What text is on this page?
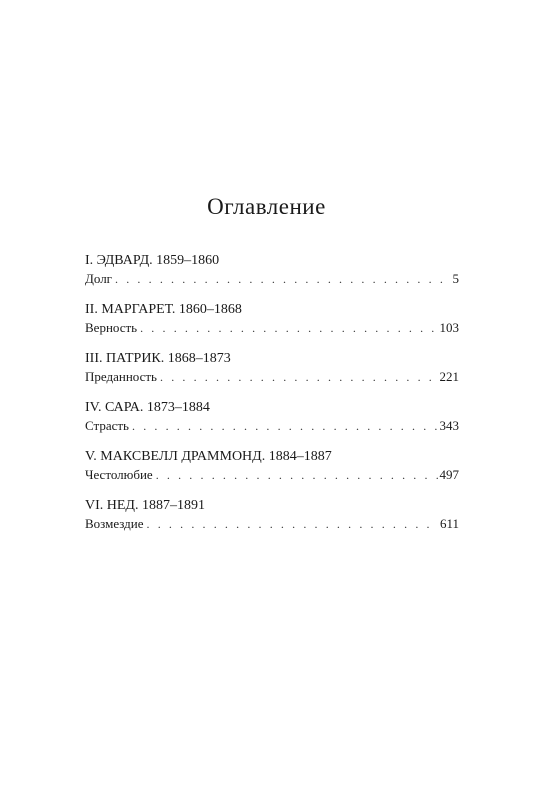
Оглавление
I. ЭДВАРД. 1859–1860
Долг . . .	5
II. МАРГАРЕТ. 1860–1868
Верность . . .	103
III. ПАТРИК. 1868–1873
Преданность . . .	221
IV. САРА. 1873–1884
Страсть . . .	343
V. МАКСВЕЛЛ ДРАММОНД. 1884–1887
Честолюбие . . .	497
VI. НЕД. 1887–1891
Возмездие . . .	611
